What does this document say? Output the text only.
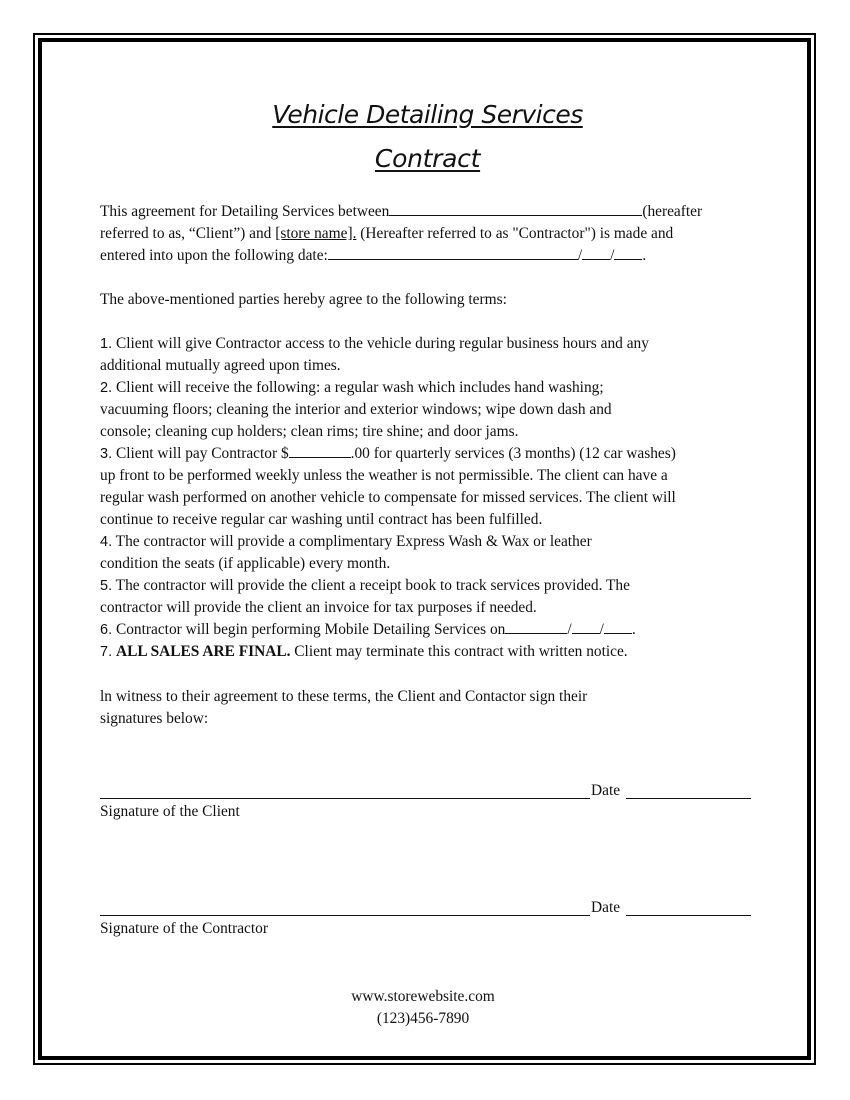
Vehicle Detailing Services
Contract
This agreement for Detailing Services between	(hereafter
referred to as, “Client”) and [store name]. (Hereafter referred to as "Contractor") is made and
entered into upon the following date:	/ / .
The above-mentioned parties hereby agree to the following terms:
1. Client will give Contractor access to the vehicle during regular business hours and any
additional mutually agreed upon times.
2. Client will receive the following: a regular wash which includes hand washing;
vacuuming floors; cleaning the interior and exterior windows; wipe down dash and
console; cleaning cup holders; clean rims; tire shine; and door jams.
3. Client will pay Contractor $	.00 for quarterly services (3 months) (12 car washes)
up front to be performed weekly unless the weather is not permissible. The client can have a
regular wash performed on another vehicle to compensate for missed services. The client will
continue to receive regular car washing until contract has been fulfilled.
4. The contractor will provide a complimentary Express Wash & Wax or leather
condition the seats (if applicable) every month.
5. The contractor will provide the client a receipt book to track services provided. The
contractor will provide the client an invoice for tax purposes if needed.
6. Contractor will begin performing Mobile Detailing Services on	/ / .
7. ALL SALES ARE FINAL. Client may terminate this contract with written notice.
ln witness to their agreement to these terms, the Client and Contactor sign their
signatures below:
Date
Signature of the Client
Date
Signature of the Contractor
www.storewebsite.com
(123)456-7890
